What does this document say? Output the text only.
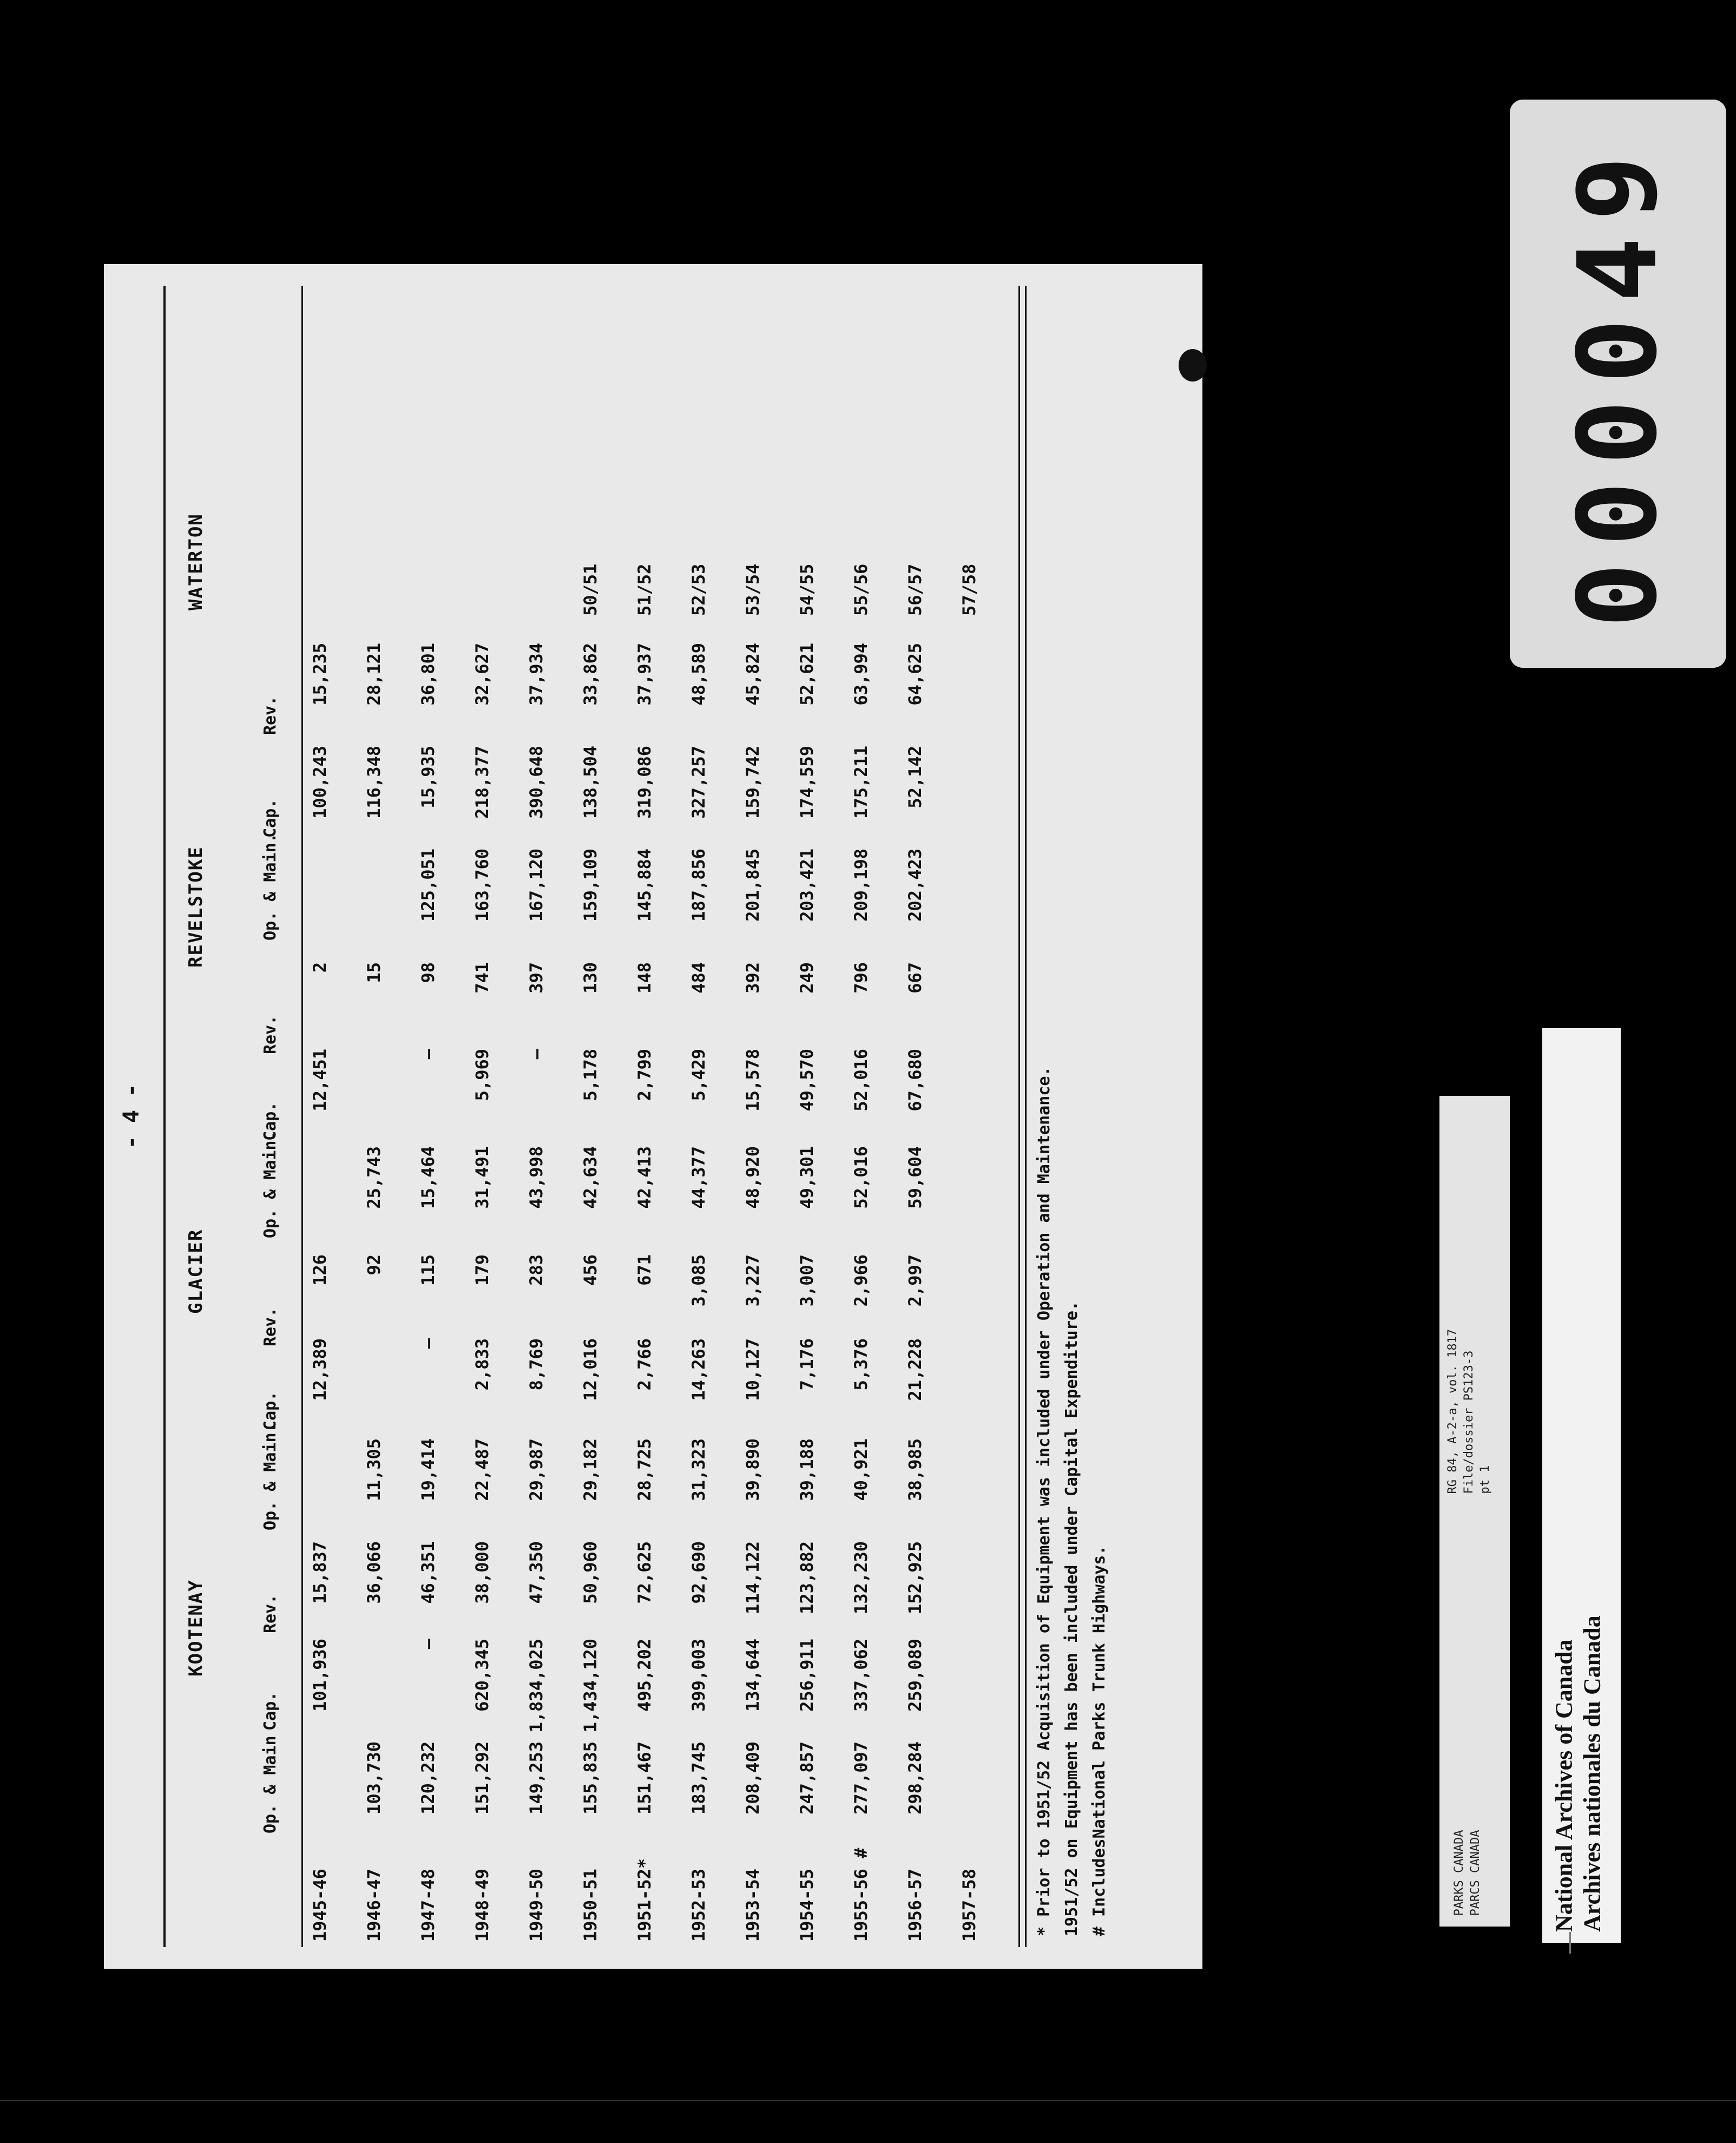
- 4 -
KOOTENAY
GLACIER
REVELSTOKE
WATERTON
Op. & Main
Cap.
Rev.
Op. & Main.
Cap.
Rev.
Op. & Main.
Cap.
Rev.
Op. & Main.
Cap.
Rev.
1945-46
101,936
15,837
12,389
126
12,451
2
100,243
15,235
1946-47
103,730
36,066
11,305
92
25,743
15
116,348
28,121
1947-48
120,232
—
46,351
19,414
—
115
15,464
—
98
125,051
15,935
36,801
1948-49
151,292
620,345
38,000
22,487
2,833
179
31,491
5,969
741
163,760
218,377
32,627
1949-50
149,253
1,834,025
47,350
29,987
8,769
283
43,998
—
397
167,120
390,648
37,934
1950-51
155,835
1,434,120
50,960
29,182
12,016
456
42,634
5,178
130
159,109
138,504
33,862
50/51
1951-52*
151,467
495,202
72,625
28,725
2,766
671
42,413
2,799
148
145,884
319,086
37,937
51/52
1952-53
183,745
399,003
92,690
31,323
14,263
3,085
44,377
5,429
484
187,856
327,257
48,589
52/53
1953-54
208,409
134,644
114,122
39,890
10,127
3,227
48,920
15,578
392
201,845
159,742
45,824
53/54
1954-55
247,857
256,911
123,882
39,188
7,176
3,007
49,301
49,570
249
203,421
174,559
52,621
54/55
1955-56 #
277,097
337,062
132,230
40,921
5,376
2,966
52,016
52,016
796
209,198
175,211
63,994
55/56
1956-57
298,284
259,089
152,925
38,985
21,228
2,997
59,604
67,680
667
202,423
52,142
64,625
56/57
1957-58
57/58
* Prior to 1951/52 Acquisition of Equipment was included under Operation and Maintenance. 1951/52 on Equipment has been included under Capital Expenditure. # IncludesNational Parks Trunk Highways.
000049
PARKS CANADA PARCS CANADA
RG 84, A-2-a, vol. 1817 File/dossier PS123-3 pt 1
National Archives of Canada Archives nationales du Canada
